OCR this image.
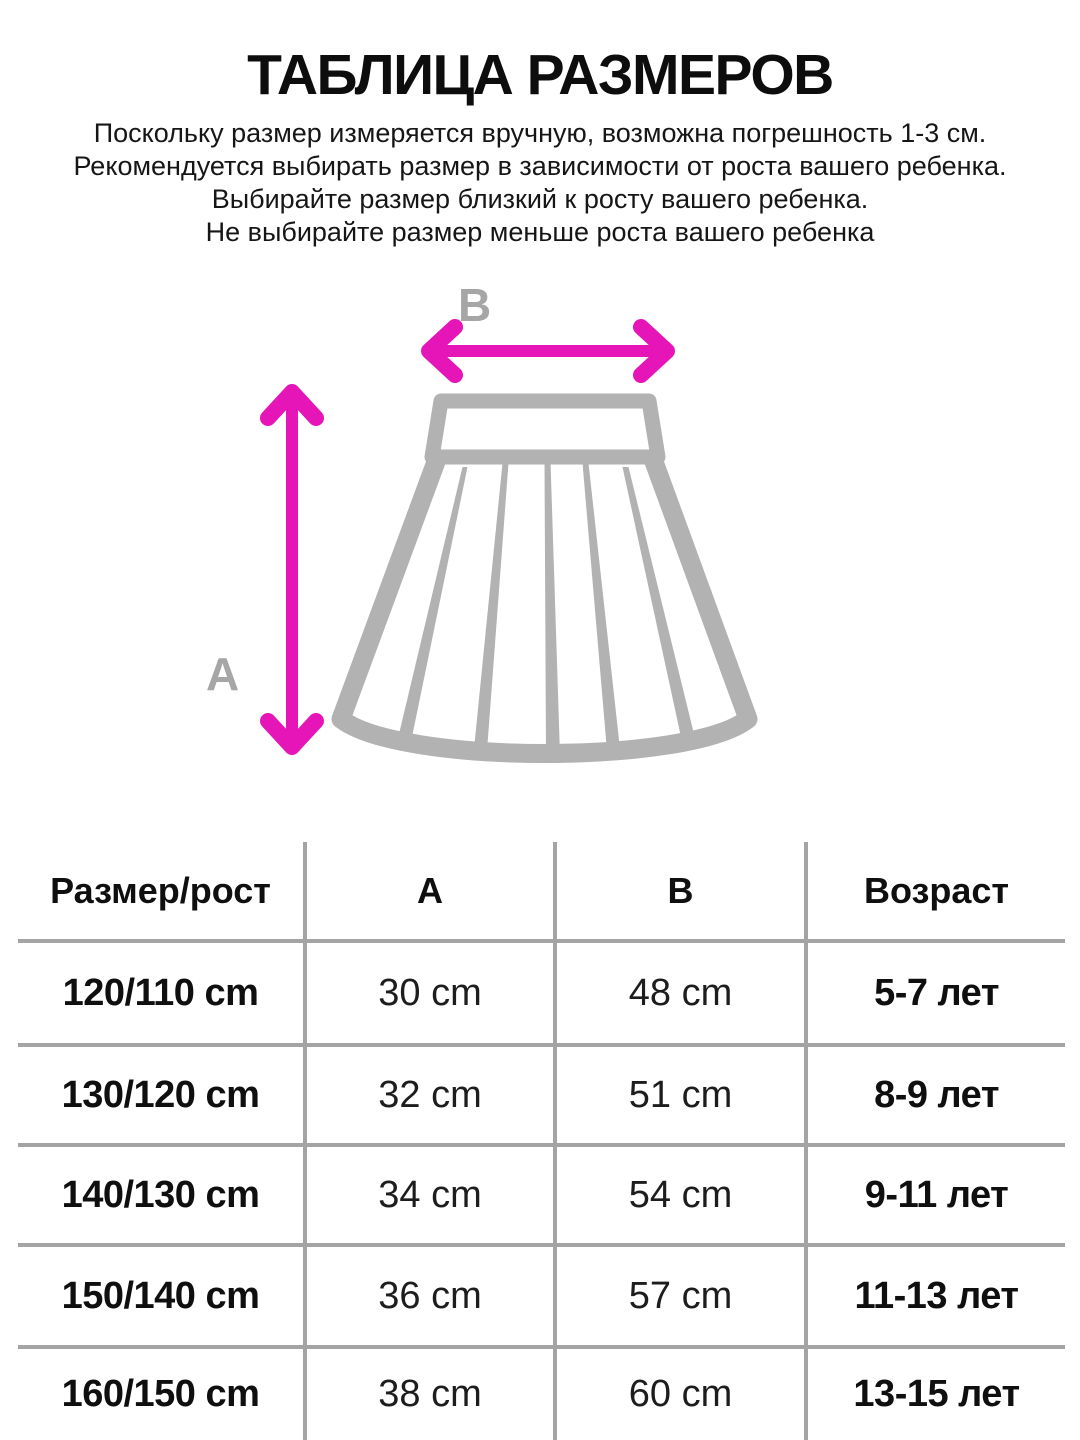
ТАБЛИЦА РАЗМЕРОВ
Поскольку размер измеряется вручную, возможна погрешность 1-3 см.
Рекомендуется выбирать размер в зависимости от роста вашего ребенка.
Выбирайте размер близкий к росту вашего ребенка.
Не выбирайте размер меньше роста вашего ребенка
B
A
Размер/рост	A	B	Возраст
120/110 cm	30 cm	48 cm	5-7 лет
130/120 cm	32 cm	51 cm	8-9 лет
140/130 cm	34 cm	54 cm	9-11 лет
150/140 cm	36 cm	57 cm	11-13 лет
160/150 cm	38 cm	60 cm	13-15 лет
